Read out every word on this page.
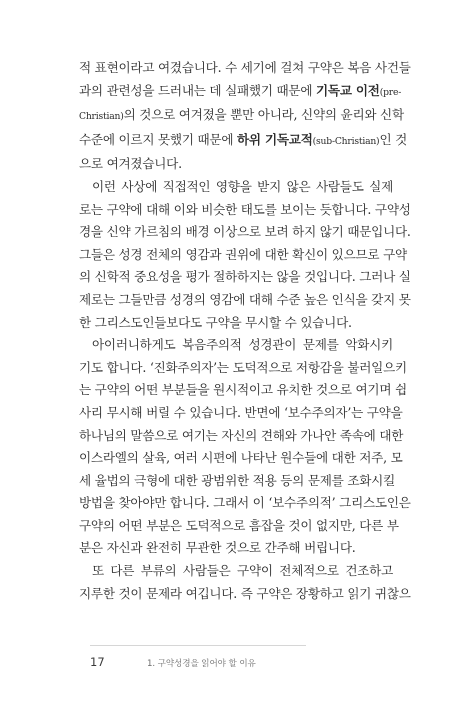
적 표현이라고 여겼습니다. 수 세기에 걸쳐 구약은 복음 사건들
과의 관련성을 드러내는 데 실패했기 때문에 기독교 이전(pre-
Christian)의 것으로 여겨졌을 뿐만 아니라, 신약의 윤리와 신학
수준에 이르지 못했기 때문에 하위 기독교적(sub-Christian)인 것
으로 여겨졌습니다.

이런 사상에 직접적인 영향을 받지 않은 사람들도 실제
로는 구약에 대해 이와 비슷한 태도를 보이는 듯합니다. 구약성
경을 신약 가르침의 배경 이상으로 보려 하지 않기 때문입니다.
그들은 성경 전체의 영감과 권위에 대한 확신이 있으므로 구약
의 신학적 중요성을 평가 절하하지는 않을 것입니다. 그러나 실
제로는 그들만큼 성경의 영감에 대해 수준 높은 인식을 갖지 못
한 그리스도인들보다도 구약을 무시할 수 있습니다.

아이러니하게도 복음주의적 성경관이 문제를 악화시키
기도 합니다. ‘진화주의자’는 도덕적으로 저항감을 불러일으키
는 구약의 어떤 부분들을 원시적이고 유치한 것으로 여기며 쉽
사리 무시해 버릴 수 있습니다. 반면에 ‘보수주의자’는 구약을
하나님의 말씀으로 여기는 자신의 견해와 가나안 족속에 대한
이스라엘의 살육, 여러 시편에 나타난 원수들에 대한 저주, 모
세 율법의 극형에 대한 광범위한 적용 등의 문제를 조화시킬
방법을 찾아야만 합니다. 그래서 이 ‘보수주의적’ 그리스도인은
구약의 어떤 부분은 도덕적으로 흠잡을 것이 없지만, 다른 부
분은 자신과 완전히 무관한 것으로 간주해 버립니다.

또 다른 부류의 사람들은 구약이 전체적으로 건조하고
지루한 것이 문제라 여깁니다. 즉 구약은 장황하고 읽기 귀찮으

17	1. 구약성경을 읽어야 할 이유
